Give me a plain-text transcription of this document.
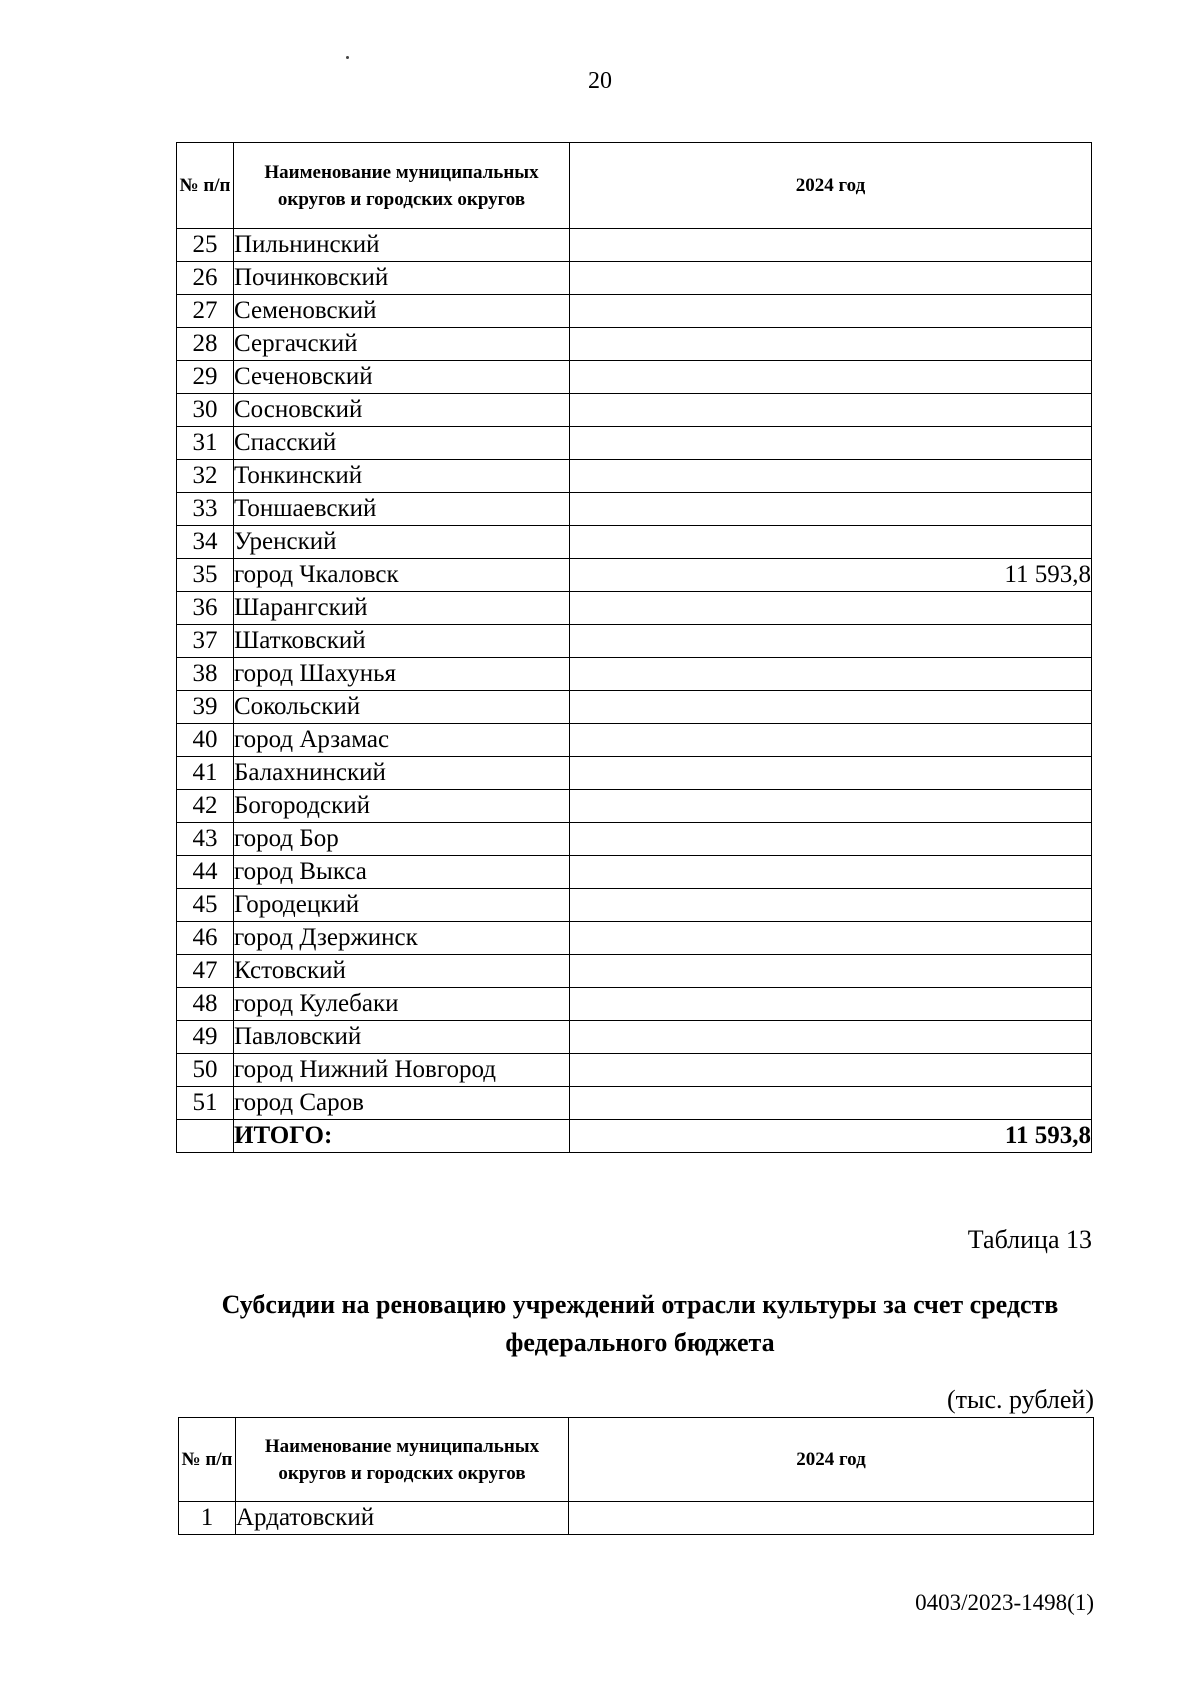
20
№ п/п	Наименование муниципальных округов и городских округов	2024 год
25	Пильнинский	
26	Починковский	
27	Семеновский	
28	Сергачский	
29	Сеченовский	
30	Сосновский	
31	Спасский	
32	Тонкинский	
33	Тоншаевский	
34	Уренский	
35	город Чкаловск	11 593,8
36	Шарангский	
37	Шатковский	
38	город Шахунья	
39	Сокольский	
40	город Арзамас	
41	Балахнинский	
42	Богородский	
43	город Бор	
44	город Выкса	
45	Городецкий	
46	город Дзержинск	
47	Кстовский	
48	город Кулебаки	
49	Павловский	
50	город Нижний Новгород	
51	город Саров	
	ИТОГО:	11 593,8
Таблица 13
Субсидии на реновацию учреждений отрасли культуры за счет средств федерального бюджета
(тыс. рублей)
№ п/п	Наименование муниципальных округов и городских округов	2024 год
1	Ардатовский	
0403/2023-1498(1)
